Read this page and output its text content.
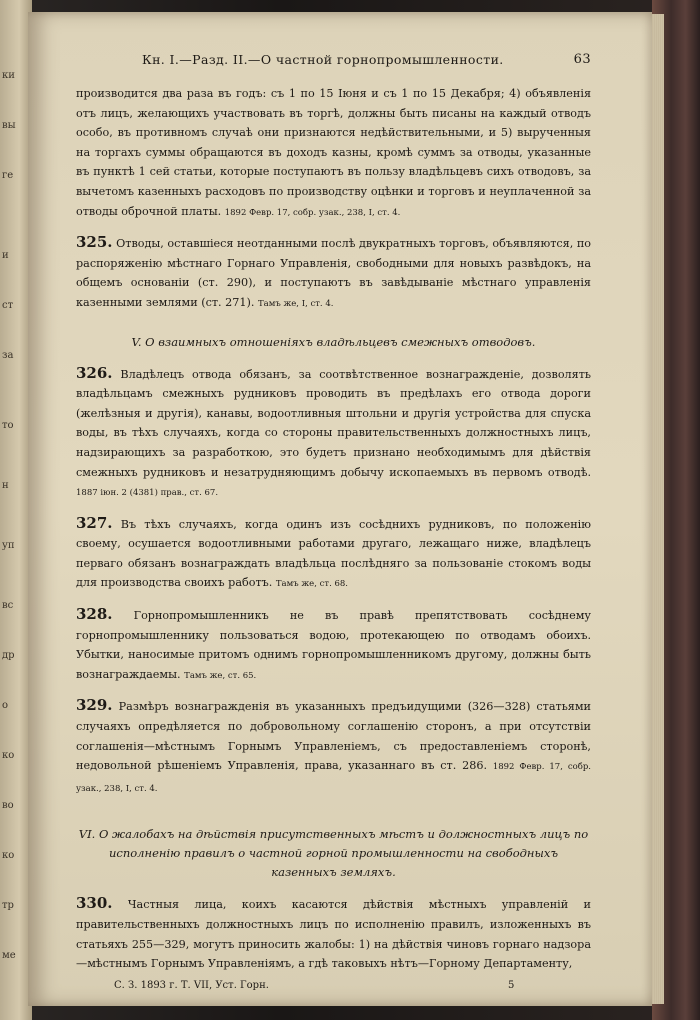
ки
вы
ге
и
ст
за
то
н
уп
вс
др
о
ко
во
ко
тр
ме
Кн. I.—Разд. II.—О частной горнопромышленности.	63

производится два раза въ годъ: съ 1 по 15 Іюня и съ 1 по 15 Декабря; 4) объявленія отъ лицъ, желающихъ участвовать въ торгѣ, должны быть писаны на каждый отводъ особо, въ противномъ случаѣ они признаются недѣйствительными, и 5) вырученныя на торгахъ суммы обращаются въ доходъ казны, кромѣ суммъ за отводы, указанные въ пунктѣ 1 сей статьи, которые поступаютъ въ пользу владѣльцевъ сихъ отводовъ, за вычетомъ казенныхъ расходовъ по производству оцѣнки и торговъ и неуплаченной за отводы оброчной платы. 1892 Февр. 17, собр. узак., 238, I, ст. 4.

325. Отводы, оставшіеся неотданными послѣ двукратныхъ торговъ, объявляются, по распоряженію мѣстнаго Горнаго Управленія, свободными для новыхъ развѣдокъ, на общемъ основаніи (ст. 290), и поступаютъ въ завѣдываніе мѣстнаго управленія казенными землями (ст. 271). Тамъ же, I, ст. 4.

V. О взаимныхъ отношеніяхъ владѣльцевъ смежныхъ отводовъ.

326. Владѣлецъ отвода обязанъ, за соотвѣтственное вознагражденіе, дозволять владѣльцамъ смежныхъ рудниковъ проводить въ предѣлахъ его отвода дороги (желѣзныя и другія), канавы, водоотливныя штольни и другія устройства для спуска воды, въ тѣхъ случаяхъ, когда со стороны правительственныхъ должностныхъ лицъ, надзирающихъ за разработкою, это будетъ признано необходимымъ для дѣйствія смежныхъ рудниковъ и незатрудняющимъ добычу ископаемыхъ въ первомъ отводѣ. 1887 іюн. 2 (4381) прав., ст. 67.

327. Въ тѣхъ случаяхъ, когда одинъ изъ сосѣднихъ рудниковъ, по положенію своему, осушается водоотливными работами другаго, лежащаго ниже, владѣлецъ перваго обязанъ вознаграждать владѣльца послѣдняго за пользованіе стокомъ воды для производства своихъ работъ. Тамъ же, ст. 68.

328. Горнопромышленникъ не въ правѣ препятствовать сосѣднему горнопромышленнику пользоваться водою, протекающею по отводамъ обоихъ. Убытки, наносимые притомъ однимъ горнопромышленникомъ другому, должны быть вознаграждаемы. Тамъ же, ст. 65.

329. Размѣръ вознагражденія въ указанныхъ предъидущими (326—328) статьями случаяхъ опредѣляется по добровольному соглашенію сторонъ, а при отсутствіи соглашенія—мѣстнымъ Горнымъ Управленіемъ, съ предоставленіемъ сторонѣ, недовольной рѣшеніемъ Управленія, права, указаннаго въ ст. 286. 1892 Февр. 17, собр. узак., 238, I, ст. 4.

VI. О жалобахъ на дѣйствія присутственныхъ мѣстъ и должностныхъ лицъ по исполненію правилъ о частной горной промышленности на свободныхъ казенныхъ земляхъ.

330. Частныя лица, коихъ касаются дѣйствія мѣстныхъ управленій и правительственныхъ должностныхъ лицъ по исполненію правилъ, изложенныхъ въ статьяхъ 255—329, могутъ приносить жалобы: 1) на дѣйствія чиновъ горнаго надзора—мѣстнымъ Горнымъ Управленіямъ, а гдѣ таковыхъ нѣтъ—Горному Департаменту,

С. З. 1893 г. Т. VII, Уст. Горн.	5
